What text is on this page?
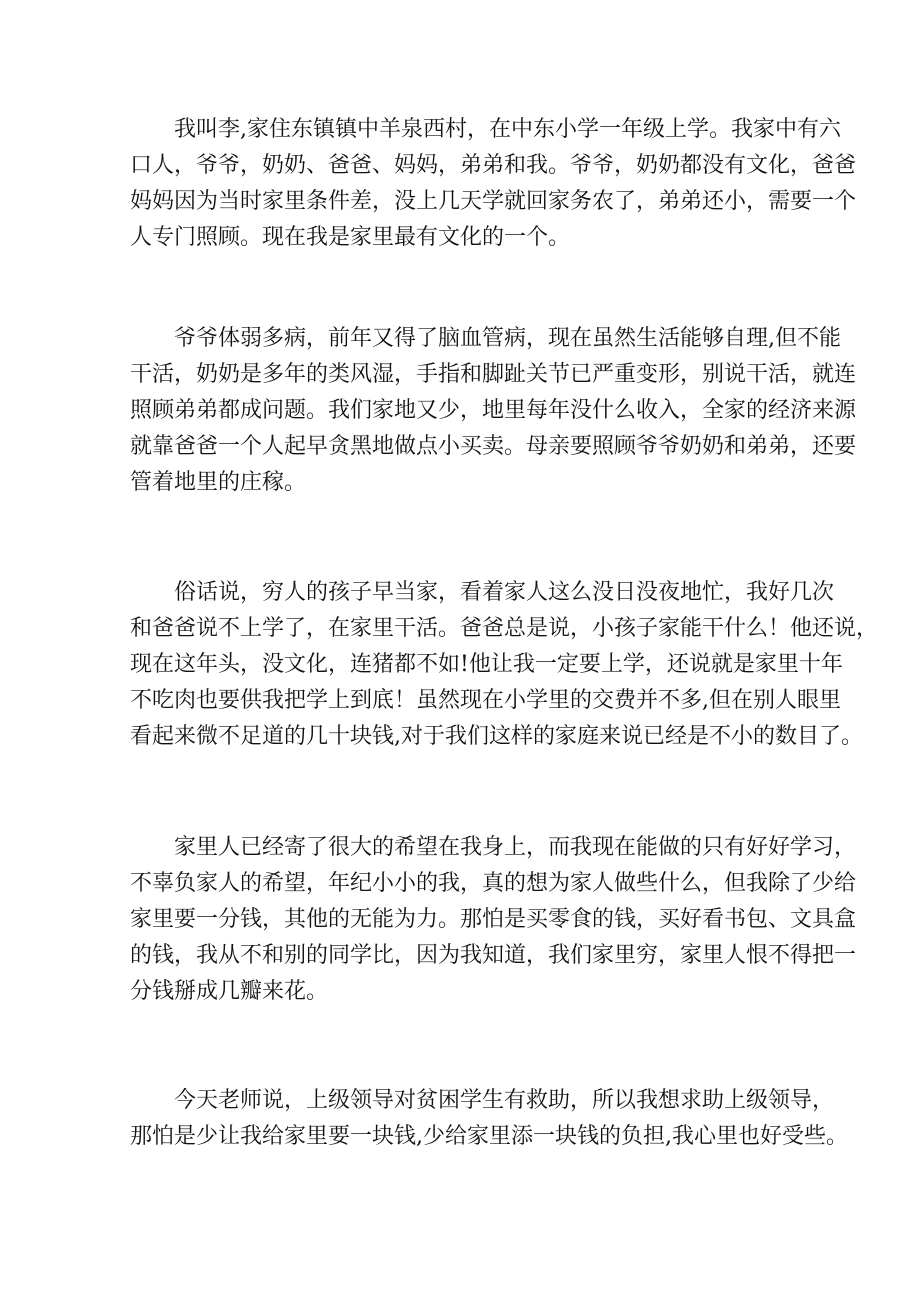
我叫李,家住东镇镇中羊泉西村，在中东小学一年级上学。我家中有六
口人，爷爷，奶奶、爸爸、妈妈，弟弟和我。爷爷，奶奶都没有文化，爸爸
妈妈因为当时家里条件差，没上几天学就回家务农了，弟弟还小，需要一个
人专门照顾。现在我是家里最有文化的一个。
爷爷体弱多病，前年又得了脑血管病，现在虽然生活能够自理,但不能
干活，奶奶是多年的类风湿，手指和脚趾关节已严重变形，别说干活，就连
照顾弟弟都成问题。我们家地又少，地里每年没什么收入，全家的经济来源
就靠爸爸一个人起早贪黑地做点小买卖。母亲要照顾爷爷奶奶和弟弟，还要
管着地里的庄稼。
俗话说，穷人的孩子早当家，看着家人这么没日没夜地忙，我好几次
和爸爸说不上学了，在家里干活。爸爸总是说，小孩子家能干什么！他还说，
现在这年头，没文化，连猪都不如!他让我一定要上学，还说就是家里十年
不吃肉也要供我把学上到底！虽然现在小学里的交费并不多,但在别人眼里
看起来微不足道的几十块钱,对于我们这样的家庭来说已经是不小的数目了。
家里人已经寄了很大的希望在我身上，而我现在能做的只有好好学习，
不辜负家人的希望，年纪小小的我，真的想为家人做些什么，但我除了少给
家里要一分钱，其他的无能为力。那怕是买零食的钱，买好看书包、文具盒
的钱，我从不和别的同学比，因为我知道，我们家里穷，家里人恨不得把一
分钱掰成几瓣来花。
今天老师说，上级领导对贫困学生有救助，所以我想求助上级领导，
那怕是少让我给家里要一块钱,少给家里添一块钱的负担,我心里也好受些。
